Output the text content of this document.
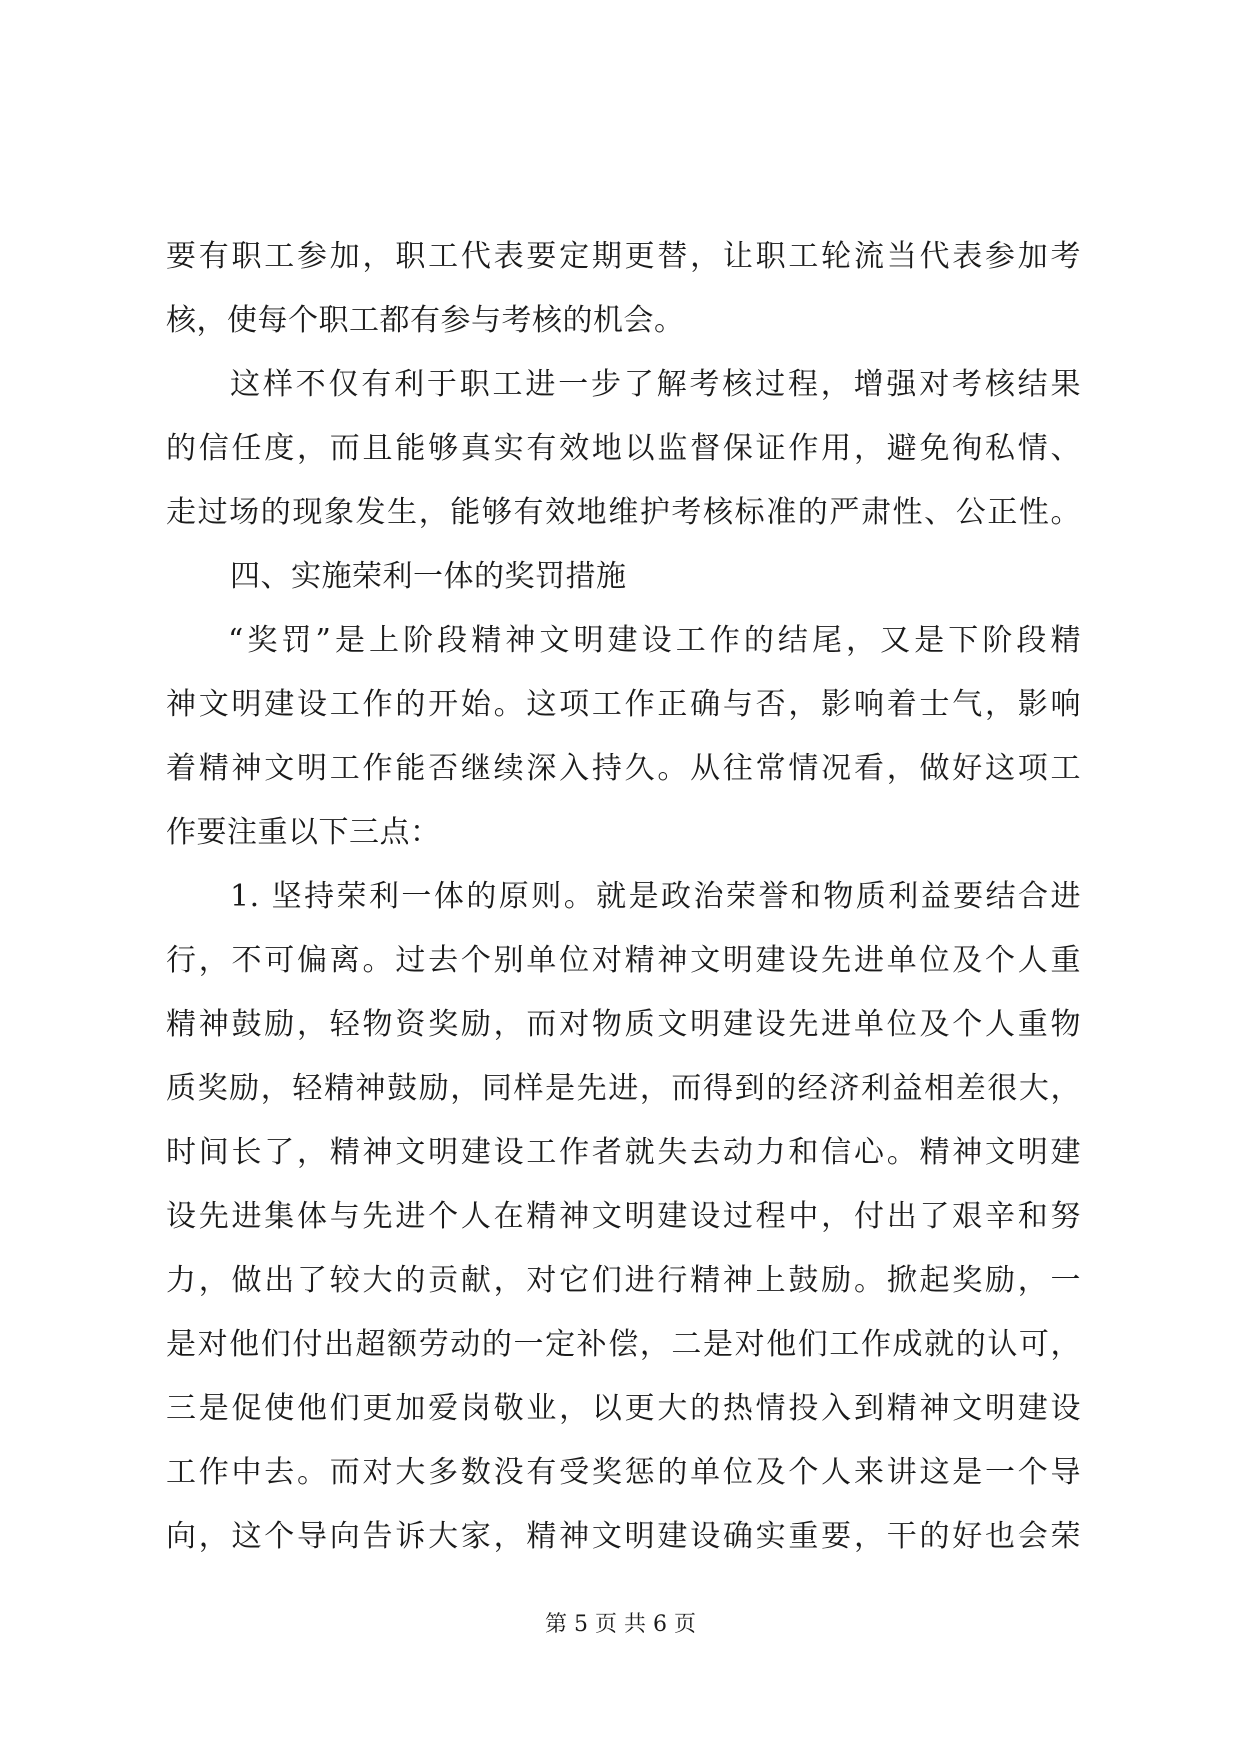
要有职工参加，职工代表要定期更替，让职工轮流当代表参加考
核，使每个职工都有参与考核的机会。
这样不仅有利于职工进一步了解考核过程，增强对考核结果
的信任度，而且能够真实有效地以监督保证作用，避免徇私情、
走过场的现象发生，能够有效地维护考核标准的严肃性、公正性。
四、实施荣利一体的奖罚措施
“奖罚”是上阶段精神文明建设工作的结尾，又是下阶段精
神文明建设工作的开始。这项工作正确与否，影响着士气，影响
着精神文明工作能否继续深入持久。从往常情况看，做好这项工
作要注重以下三点：
1. 坚持荣利一体的原则。就是政治荣誉和物质利益要结合进
行，不可偏离。过去个别单位对精神文明建设先进单位及个人重
精神鼓励，轻物资奖励，而对物质文明建设先进单位及个人重物
质奖励，轻精神鼓励，同样是先进，而得到的经济利益相差很大，
时间长了，精神文明建设工作者就失去动力和信心。精神文明建
设先进集体与先进个人在精神文明建设过程中，付出了艰辛和努
力，做出了较大的贡献，对它们进行精神上鼓励。掀起奖励，一
是对他们付出超额劳动的一定补偿，二是对他们工作成就的认可，
三是促使他们更加爱岗敬业，以更大的热情投入到精神文明建设
工作中去。而对大多数没有受奖惩的单位及个人来讲这是一个导
向，这个导向告诉大家，精神文明建设确实重要，干的好也会荣
第 5 页 共 6 页
